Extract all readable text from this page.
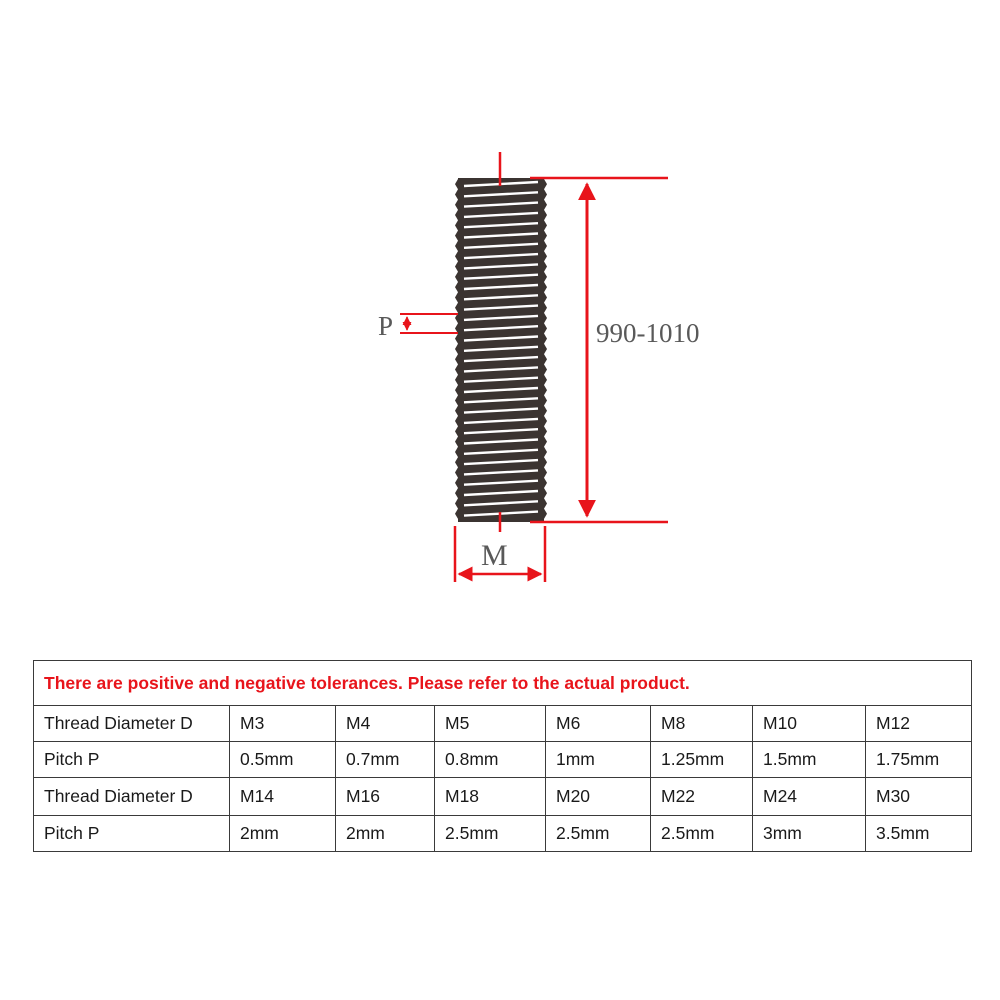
990-1010
P
M
There are positive and negative tolerances. Please refer to the actual product.							
Thread Diameter D	M3	M4	M5	M6	M8	M10	M12
Pitch P	0.5mm	0.7mm	0.8mm	1mm	1.25mm	1.5mm	1.75mm
Thread Diameter D	M14	M16	M18	M20	M22	M24	M30
Pitch P	2mm	2mm	2.5mm	2.5mm	2.5mm	3mm	3.5mm
